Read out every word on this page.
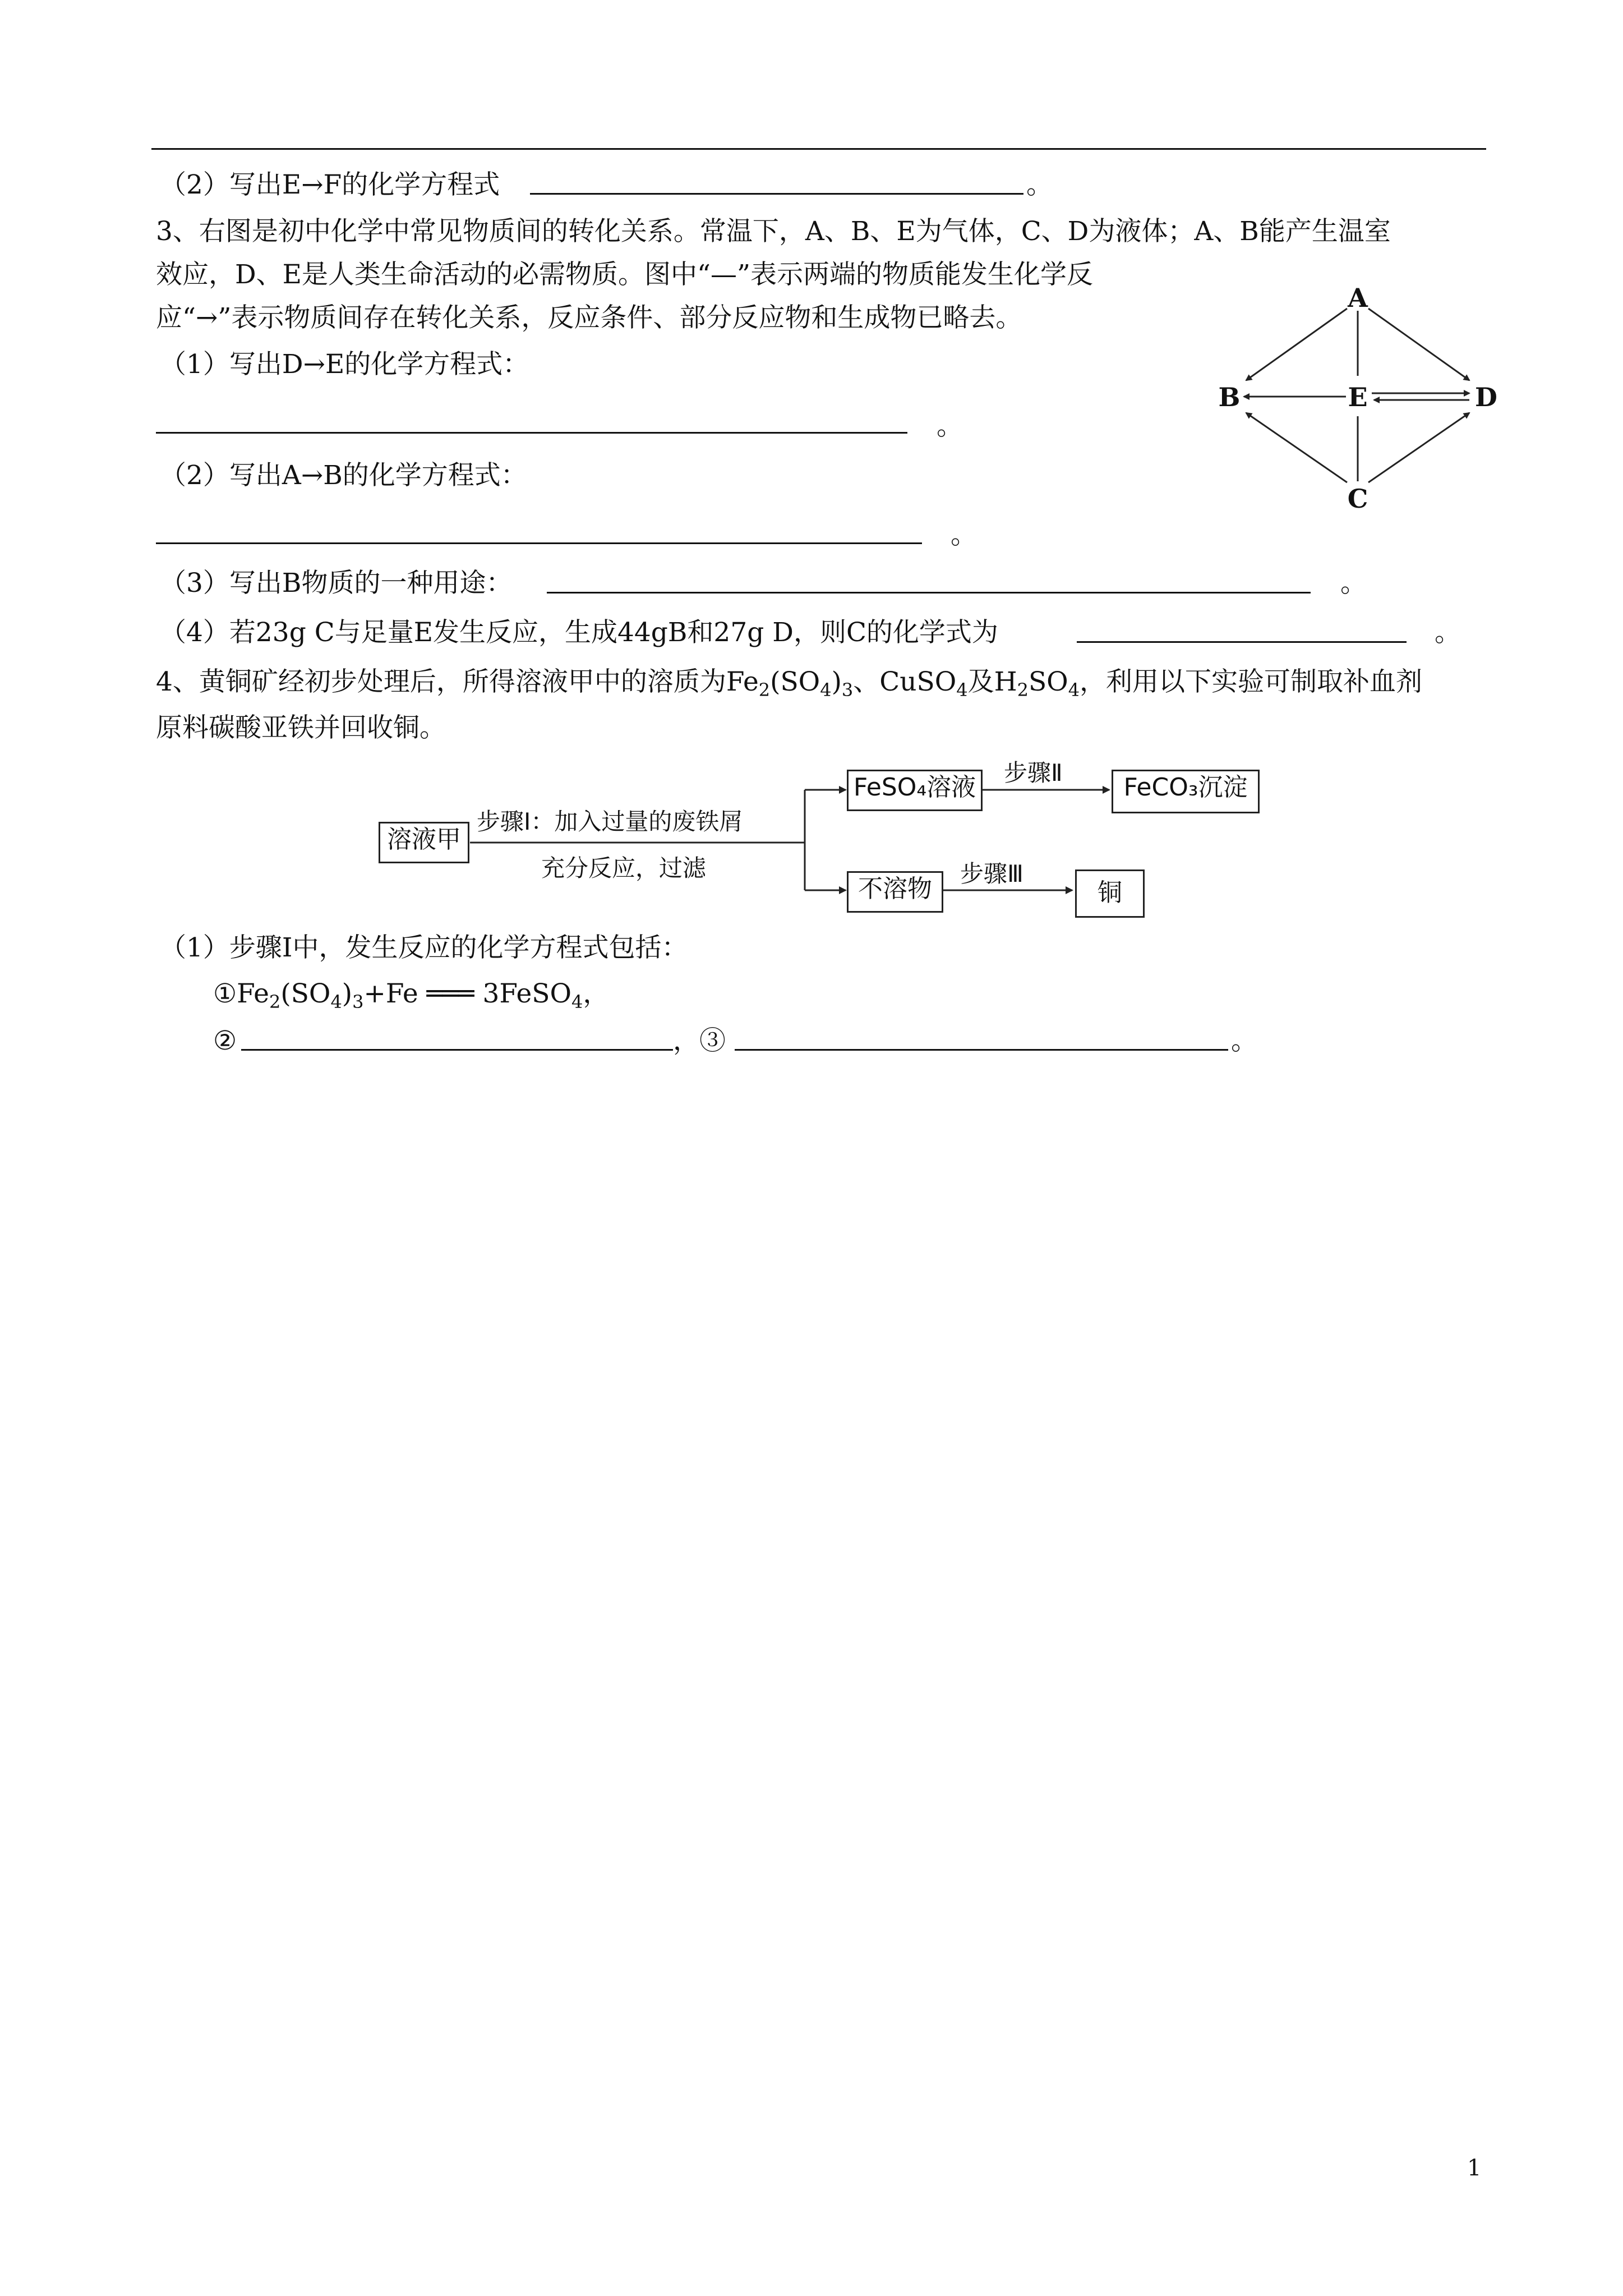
（2）写出E→F的化学方程式	。
3、右图是初中化学中常见物质间的转化关系。常温下，A、B、E为气体，C、D为液体；A、B能产生温室
效应，D、E是人类生命活动的必需物质。图中“—”表示两端的物质能发生化学反
应“→”表示物质间存在转化关系，反应条件、部分反应物和生成物已略去。
（1）写出D→E的化学方程式：
。
（2）写出A→B的化学方程式：
。
（3）写出B物质的一种用途：	。
（4）若23g C与足量E发生反应，生成44gB和27g D，则C的化学式为	。
A
B	E	D
C
4、黄铜矿经初步处理后，所得溶液甲中的溶质为$Fe_2(SO_4)_3$、CuSO$_4$及$H_2SO_4$，利用以下实验可制取补血剂
原料碳酸亚铁并回收铜。
溶液甲
步骤Ⅰ：加入过量的废铁屑
充分反应，过滤
FeSO₄溶液
步骤Ⅱ
FeCO₃沉淀
不溶物
步骤Ⅲ
铜
（1）步骤Ⅰ中，发生反应的化学方程式包括：
$①Fe_2(SO_4)_3+Fe$ ═══ 3FeSO$_4$，
②	，③	。
1
